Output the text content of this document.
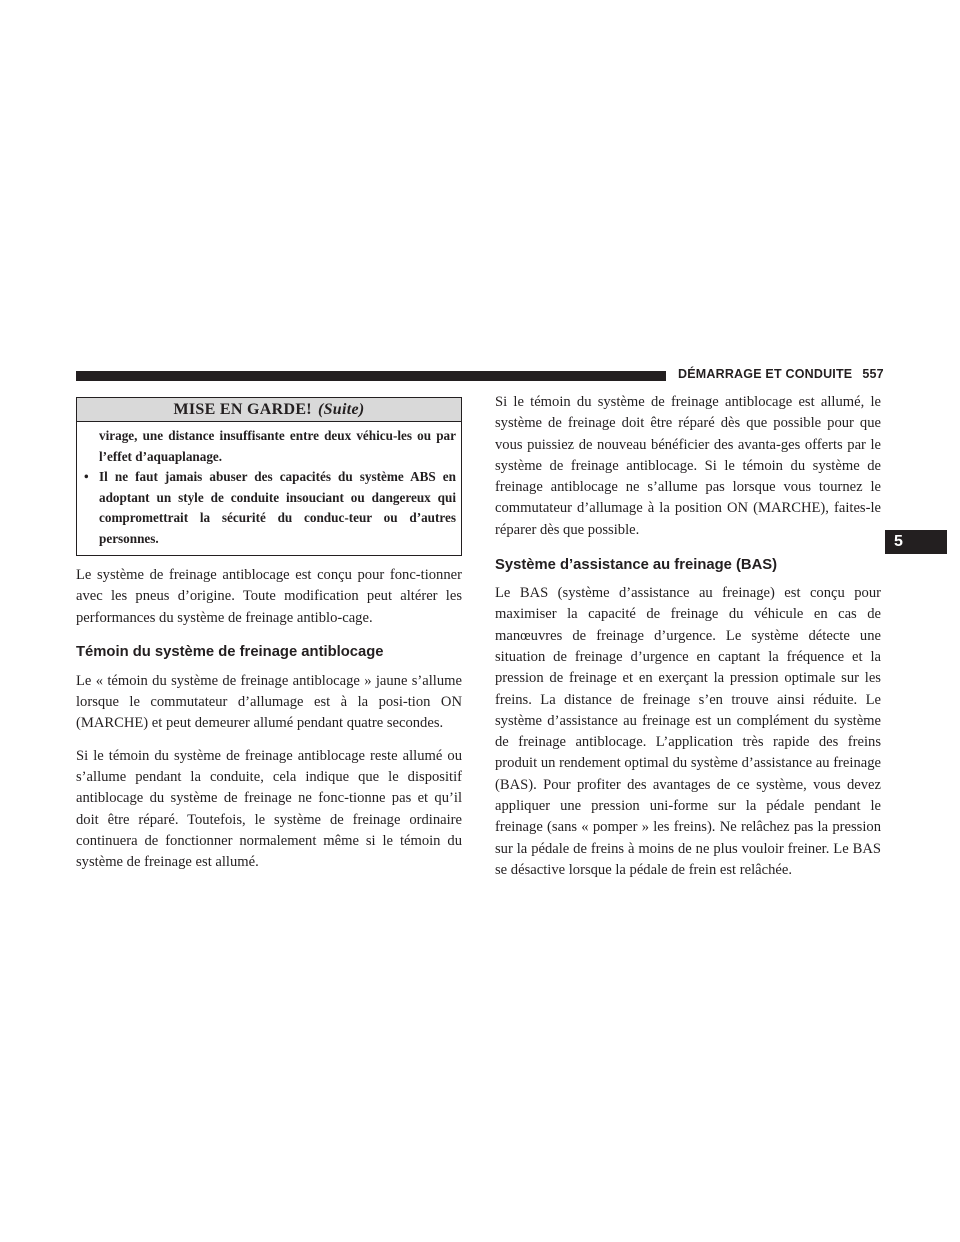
DÉMARRAGE ET CONDUITE 557
5
MISE EN GARDE! (Suite)

virage, une distance insuffisante entre deux véhicu-les ou par l’effet d’aquaplanage.

• Il ne faut jamais abuser des capacités du système ABS en adoptant un style de conduite insouciant ou dangereux qui compromettrait la sécurité du conduc-teur ou d’autres personnes.

Le système de freinage antiblocage est conçu pour fonc-tionner avec les pneus d’origine. Toute modification peut altérer les performances du système de freinage antiblo-cage.

Témoin du système de freinage antiblocage

Le « témoin du système de freinage antiblocage » jaune s’allume lorsque le commutateur d’allumage est à la posi-tion ON (MARCHE) et peut demeurer allumé pendant quatre secondes.

Si le témoin du système de freinage antiblocage reste allumé ou s’allume pendant la conduite, cela indique que le dispositif antiblocage du système de freinage ne fonc-tionne pas et qu’il doit être réparé. Toutefois, le système de freinage ordinaire continuera de fonctionner normalement même si le témoin du système de freinage est allumé.

Si le témoin du système de freinage antiblocage est allumé, le système de freinage doit être réparé dès que possible pour que vous puissiez de nouveau bénéficier des avanta-ges offerts par le système de freinage antiblocage. Si le témoin du système de freinage antiblocage ne s’allume pas lorsque vous tournez le commutateur d’allumage à la position ON (MARCHE), faites-le réparer dès que possible.

Système d’assistance au freinage (BAS)

Le BAS (système d’assistance au freinage) est conçu pour maximiser la capacité de freinage du véhicule en cas de manœuvres de freinage d’urgence. Le système détecte une situation de freinage d’urgence en captant la fréquence et la pression de freinage et en exerçant la pression optimale sur les freins. La distance de freinage s’en trouve ainsi réduite. Le système d’assistance au freinage est un complément du système de freinage antiblocage. L’application très rapide des freins produit un rendement optimal du système d’assistance au freinage (BAS). Pour profiter des avantages de ce système, vous devez appliquer une pression uni-forme sur la pédale pendant le freinage (sans « pomper » les freins). Ne relâchez pas la pression sur la pédale de freins à moins de ne plus vouloir freiner. Le BAS se désactive lorsque la pédale de frein est relâchée.
